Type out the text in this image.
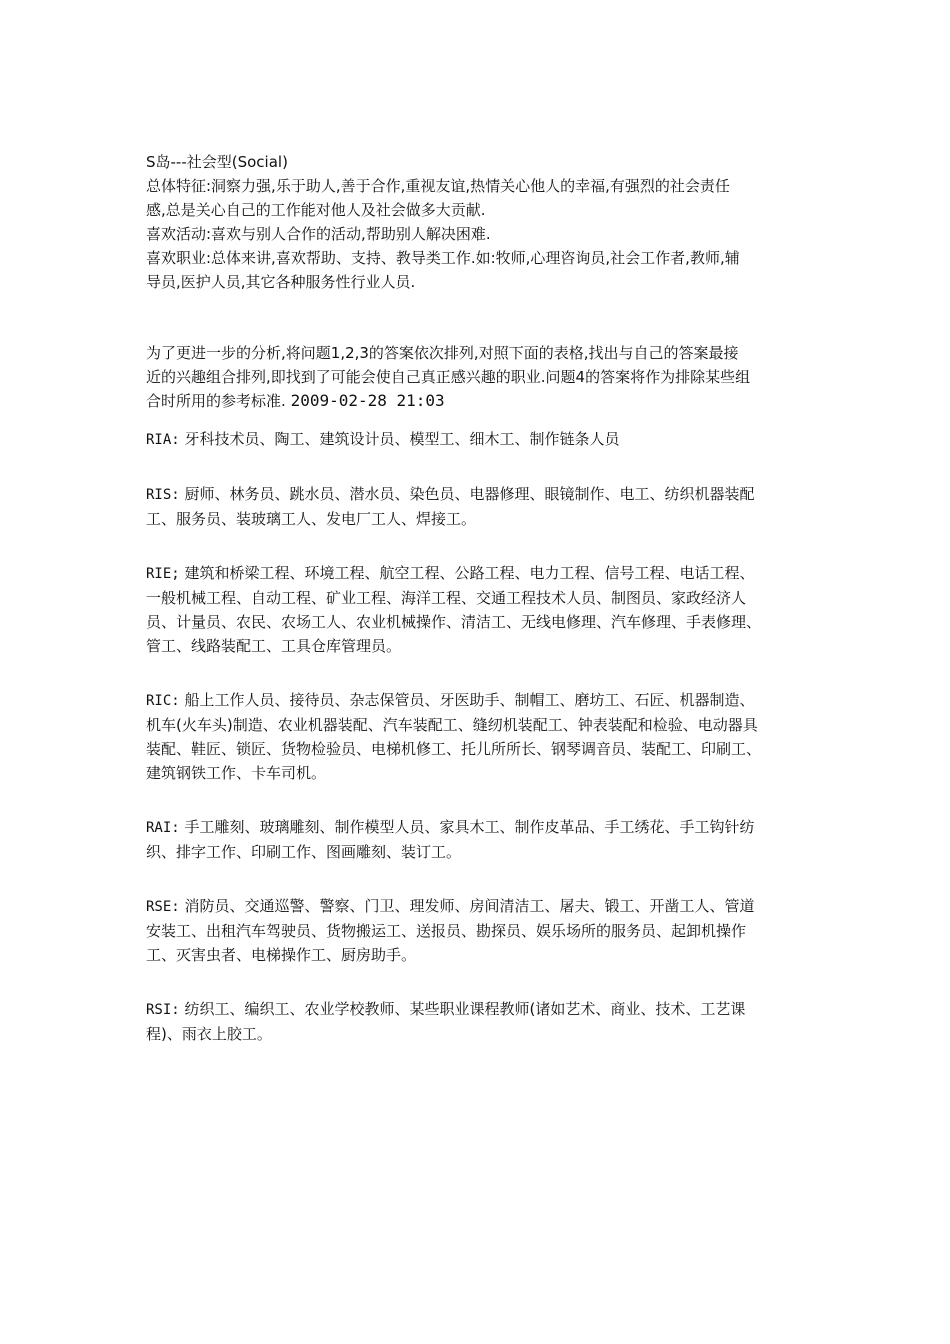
S岛---社会型(Social)
总体特征:洞察力强,乐于助人,善于合作,重视友谊,热情关心他人的幸福,有强烈的社会责任
感,总是关心自己的工作能对他人及社会做多大贡献.
喜欢活动:喜欢与别人合作的活动,帮助别人解决困难.
喜欢职业:总体来讲,喜欢帮助、支持、教导类工作.如:牧师,心理咨询员,社会工作者,教师,辅
导员,医护人员,其它各种服务性行业人员.
为了更进一步的分析,将问题1,2,3的答案依次排列,对照下面的表格,找出与自己的答案最接
近的兴趣组合排列,即找到了可能会使自己真正感兴趣的职业.问题4的答案将作为排除某些组
合时所用的参考标准. 2009-02-28 21:03
RIA: 牙科技术员、陶工、建筑设计员、模型工、细木工、制作链条人员
RIS: 厨师、林务员、跳水员、潜水员、染色员、电器修理、眼镜制作、电工、纺织机器装配
工、服务员、装玻璃工人、发电厂工人、焊接工。
RIE; 建筑和桥梁工程、环境工程、航空工程、公路工程、电力工程、信号工程、电话工程、
一般机械工程、自动工程、矿业工程、海洋工程、交通工程技术人员、制图员、家政经济人
员、计量员、农民、农场工人、农业机械操作、清洁工、无线电修理、汽车修理、手表修理、
管工、线路装配工、工具仓库管理员。
RIC: 船上工作人员、接待员、杂志保管员、牙医助手、制帽工、磨坊工、石匠、机器制造、
机车(火车头)制造、农业机器装配、汽车装配工、缝纫机装配工、钟表装配和检验、电动器具
装配、鞋匠、锁匠、货物检验员、电梯机修工、托儿所所长、钢琴调音员、装配工、印刷工、
建筑钢铁工作、卡车司机。
RAI: 手工雕刻、玻璃雕刻、制作模型人员、家具木工、制作皮革品、手工绣花、手工钩针纺
织、排字工作、印刷工作、图画雕刻、装订工。
RSE: 消防员、交通巡警、警察、门卫、理发师、房间清洁工、屠夫、锻工、开凿工人、管道
安装工、出租汽车驾驶员、货物搬运工、送报员、勘探员、娱乐场所的服务员、起卸机操作
工、灭害虫者、电梯操作工、厨房助手。
RSI: 纺织工、编织工、农业学校教师、某些职业课程教师(诸如艺术、商业、技术、工艺课
程)、雨衣上胶工。
